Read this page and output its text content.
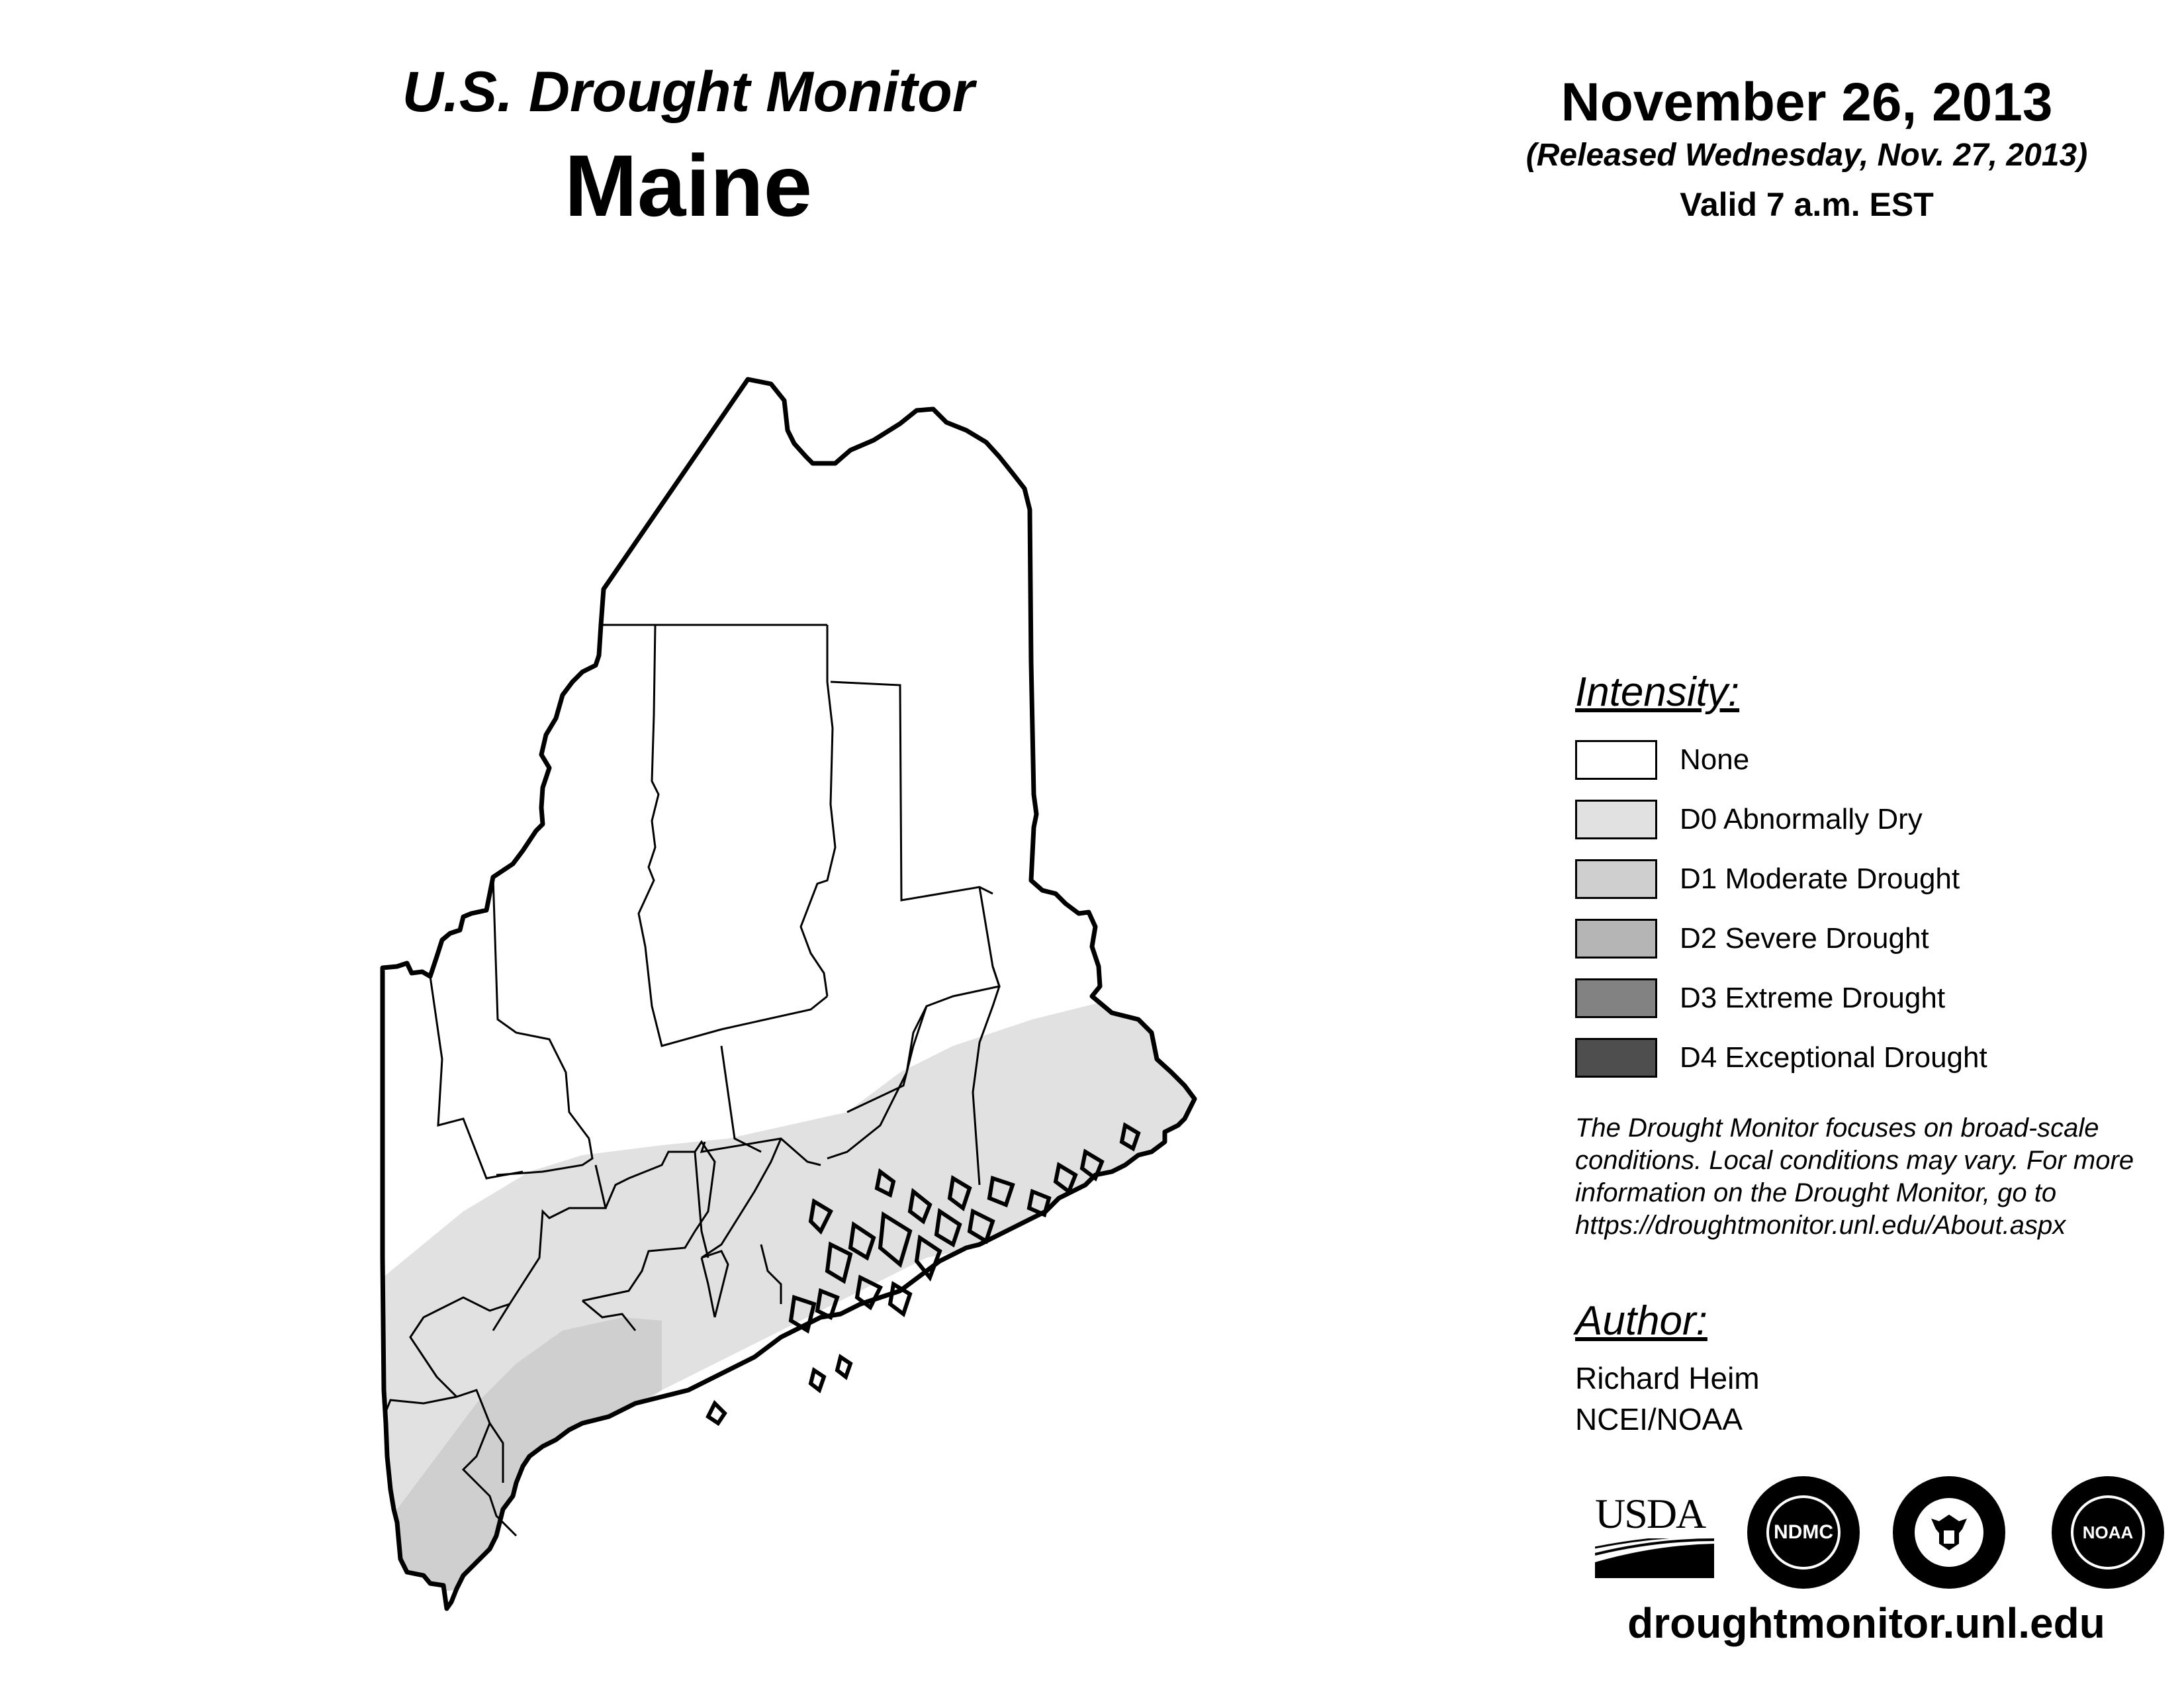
U.S. Drought Monitor
Maine
November 26, 2013
(Released Wednesday, Nov. 27, 2013)
Valid 7 a.m. EST
Intensity:
None
D0 Abnormally Dry
D1 Moderate Drought
D2 Severe Drought
D3 Extreme Drought
D4 Exceptional Drought
The Drought Monitor focuses on broad-scale conditions. Local conditions may vary. For more information on the Drought Monitor, go to https://droughtmonitor.unl.edu/About.aspx
Author:
Richard Heim
NCEI/NOAA
USDA	NDMC	NOAA
droughtmonitor.unl.edu
